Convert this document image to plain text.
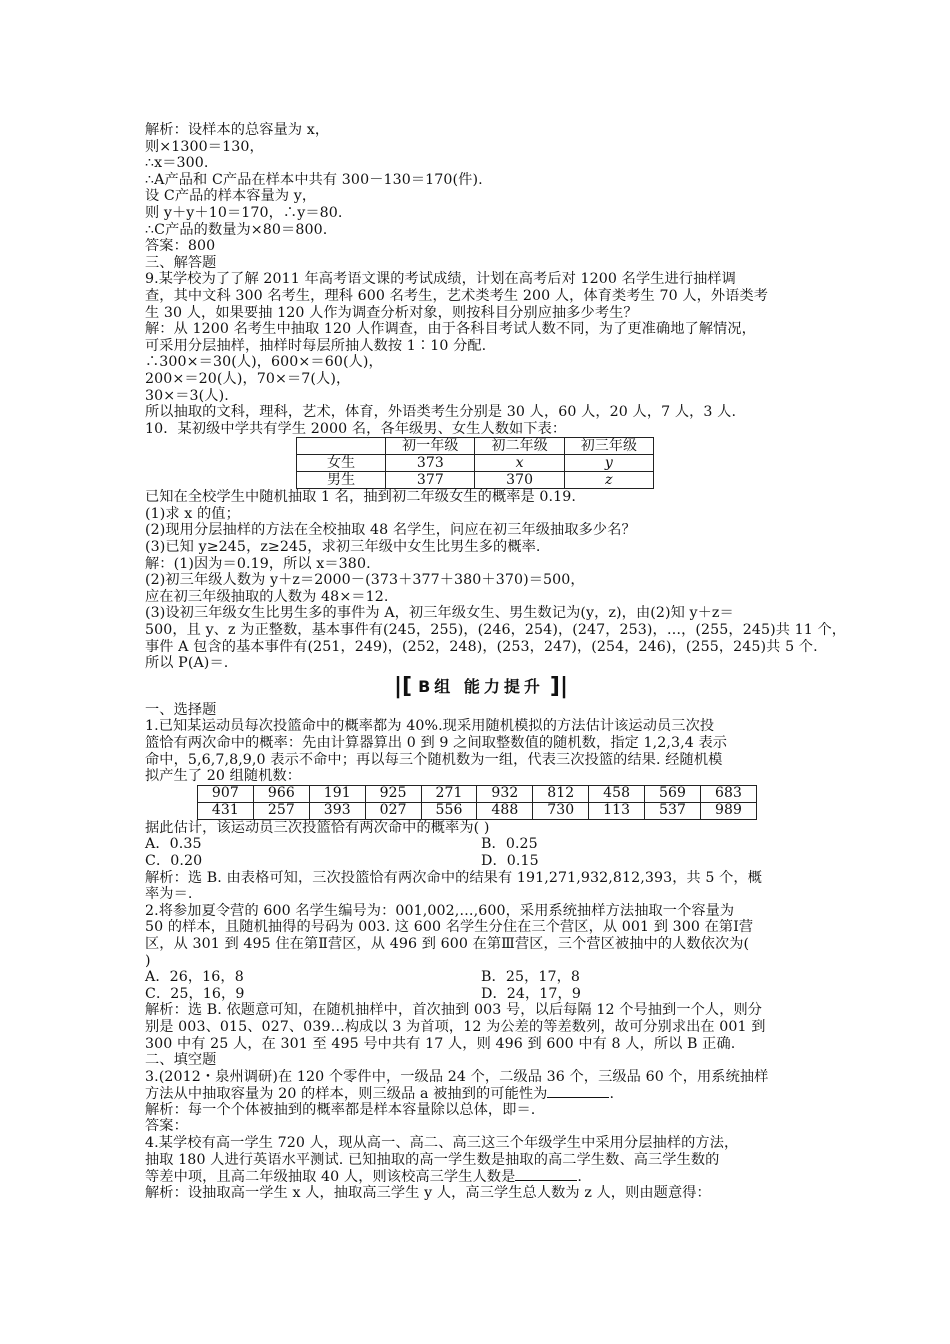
解析：设样本的总容量为 x，
则×1300＝130，
∴x＝300.
∴A产品和 C产品在样本中共有 300－130＝170(件).
设 C产品的样本容量为 y，
则 y＋y＋10＝170，∴y＝80.
∴C产品的数量为×80＝800.
答案：800
三、解答题
9.某学校为了了解 2011 年高考语文课的考试成绩，计划在高考后对 1200 名学生进行抽样调
查，其中文科 300 名考生，理科 600 名考生，艺术类考生 200 人，体育类考生 70 人，外语类考
生 30 人，如果要抽 120 人作为调查分析对象，则按科目分别应抽多少考生？
解：从 1200 名考生中抽取 120 人作调查，由于各科目考试人数不同，为了更准确地了解情况，
可采用分层抽样，抽样时每层所抽人数按 1∶10 分配.
∴300×＝30(人)，600×＝60(人)，
200×＝20(人)，70×＝7(人)，
30×＝3(人).
所以抽取的文科，理科，艺术，体育，外语类考生分别是 30 人，60 人，20 人，7 人，3 人.
10．某初级中学共有学生 2000 名，各年级男、女生人数如下表：
	初一年级	初二年级	初三年级
女生	373	x	y
男生	377	370	z
已知在全校学生中随机抽取 1 名，抽到初二年级女生的概率是 0.19.
(1)求 x 的值；
(2)现用分层抽样的方法在全校抽取 48 名学生，问应在初三年级抽取多少名？
(3)已知 y≥245，z≥245，求初三年级中女生比男生多的概率.
解：(1)因为＝0.19，所以 x＝380.
(2)初三年级人数为 y＋z＝2000－(373＋377＋380＋370)＝500，
应在初三年级抽取的人数为 48×＝12.
(3)设初三年级女生比男生多的事件为 A，初三年级女生、男生数记为(y，z)，由(2)知 y＋z＝
500，且 y、z 为正整数，基本事件有(245，255)，(246，254)，(247，253)，…，(255，245)共 11 个，
事件 A 包含的基本事件有(251，249)，(252，248)，(253，247)，(254，246)，(255，245)共 5 个.
所以 P(A)＝.
|[ B组 能力提升 ]|
一、选择题
1.已知某运动员每次投篮命中的概率都为 40%.现采用随机模拟的方法估计该运动员三次投
篮恰有两次命中的概率：先由计算器算出 0 到 9 之间取整数值的随机数，指定 1,2,3,4 表示
命中，5,6,7,8,9,0 表示不命中；再以每三个随机数为一组，代表三次投篮的结果. 经随机模
拟产生了 20 组随机数：
907	966	191	925	271	932	812	458	569	683
431	257	393	027	556	488	730	113	537	989
据此估计，该运动员三次投篮恰有两次命中的概率为( )
A．0.35	B．0.25
C．0.20	D．0.15
解析：选 B. 由表格可知，三次投篮恰有两次命中的结果有 191,271,932,812,393，共 5 个，概
率为＝.
2.将参加夏令营的 600 名学生编号为：001,002,…,600，采用系统抽样方法抽取一个容量为
50 的样本，且随机抽得的号码为 003. 这 600 名学生分住在三个营区，从 001 到 300 在第Ⅰ营
区，从 301 到 495 住在第Ⅱ营区，从 496 到 600 在第Ⅲ营区，三个营区被抽中的人数依次为(
)
A．26，16，8	B．25，17，8
C．25，16，9	D．24，17，9
解析：选 B. 依题意可知，在随机抽样中，首次抽到 003 号，以后每隔 12 个号抽到一个人，则分
别是 003、015、027、039…构成以 3 为首项，12 为公差的等差数列，故可分别求出在 001 到
300 中有 25 人，在 301 至 495 号中共有 17 人，则 496 到 600 中有 8 人，所以 B 正确.
二、填空题
3.(2012・泉州调研)在 120 个零件中，一级品 24 个，二级品 36 个，三级品 60 个，用系统抽样
方法从中抽取容量为 20 的样本，则三级品 a 被抽到的可能性为	.
解析：每一个个体被抽到的概率都是样本容量除以总体，即＝.
答案：
4.某学校有高一学生 720 人，现从高一、高二、高三这三个年级学生中采用分层抽样的方法，
抽取 180 人进行英语水平测试. 已知抽取的高一学生数是抽取的高二学生数、高三学生数的
等差中项，且高二年级抽取 40 人，则该校高三学生人数是	.
解析：设抽取高一学生 x 人，抽取高三学生 y 人，高三学生总人数为 z 人，则由题意得：
